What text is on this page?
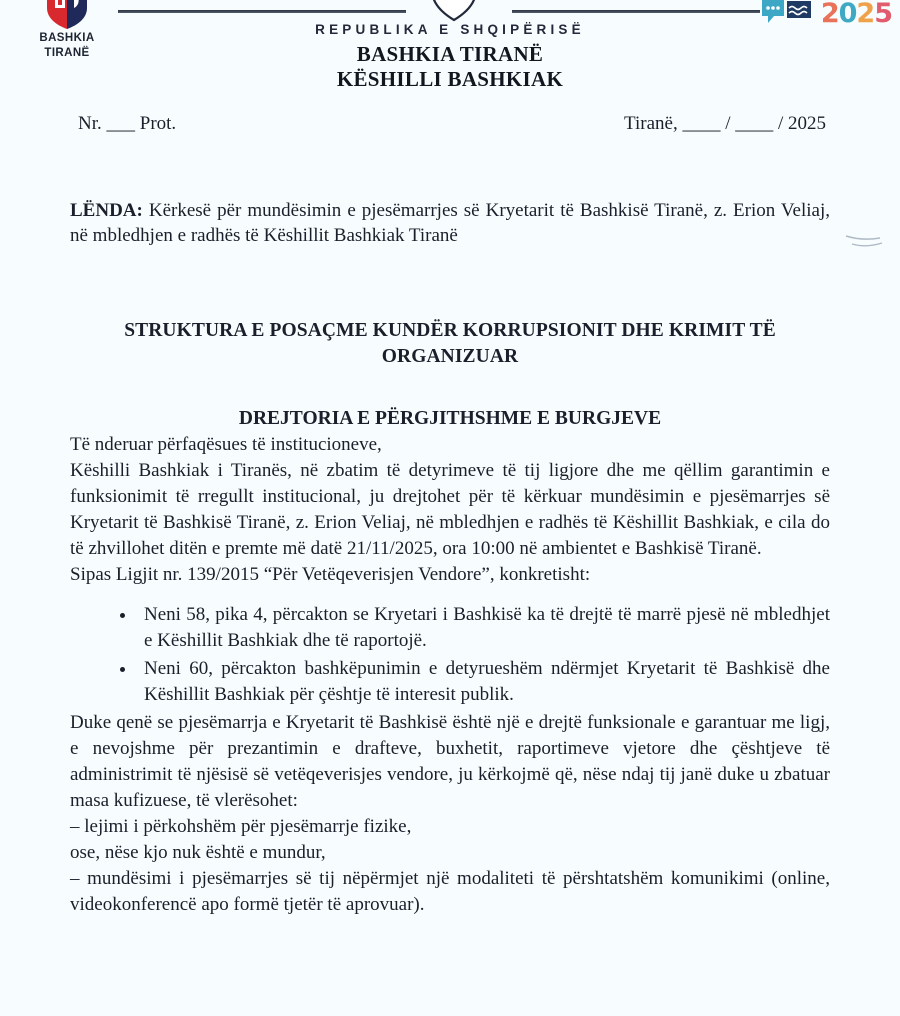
BASHKIA
TIRANË
2025
REPUBLIKA E SHQIPËRISË
BASHKIA TIRANË
KËSHILLI BASHKIAK
Nr. ___ Prot.	Tiranë, ____ / ____ / 2025

LËNDA: Kërkesë për mundësimin e pjesëmarrjes së Kryetarit të Bashkisë Tiranë, z. Erion Veliaj, në mbledhjen e radhës të Këshillit Bashkiak Tiranë

STRUKTURA E POSAÇME KUNDËR KORRUPSIONIT DHE KRIMIT TË ORGANIZUAR
DREJTORIA E PËRGJITHSHME E BURGJEVE

Të nderuar përfaqësues të institucioneve,

Këshilli Bashkiak i Tiranës, në zbatim të detyrimeve të tij ligjore dhe me qëllim garantimin e funksionimit të rregullt institucional, ju drejtohet për të kërkuar mundësimin e pjesëmarrjes së Kryetarit të Bashkisë Tiranë, z. Erion Veliaj, në mbledhjen e radhës të Këshillit Bashkiak, e cila do të zhvillohet ditën e premte më datë 21/11/2025, ora 10:00 në ambientet e Bashkisë Tiranë.

Sipas Ligjit nr. 139/2015 “Për Vetëqeverisjen Vendore”, konkretisht:

Neni 58, pika 4, përcakton se Kryetari i Bashkisë ka të drejtë të marrë pjesë në mbledhjet e Këshillit Bashkiak dhe të raportojë.
Neni 60, përcakton bashkëpunimin e detyrueshëm ndërmjet Kryetarit të Bashkisë dhe Këshillit Bashkiak për çështje të interesit publik.

Duke qenë se pjesëmarrja e Kryetarit të Bashkisë është një e drejtë funksionale e garantuar me ligj, e nevojshme për prezantimin e drafteve, buxhetit, raportimeve vjetore dhe çështjeve të administrimit të njësisë së vetëqeverisjes vendore, ju kërkojmë që, nëse ndaj tij janë duke u zbatuar masa kufizuese, të vlerësohet:

– lejimi i përkohshëm për pjesëmarrje fizike,

ose, nëse kjo nuk është e mundur,

– mundësimi i pjesëmarrjes së tij nëpërmjet një modaliteti të përshtatshëm komunikimi (online, videokonferencë apo formë tjetër të aprovuar).
